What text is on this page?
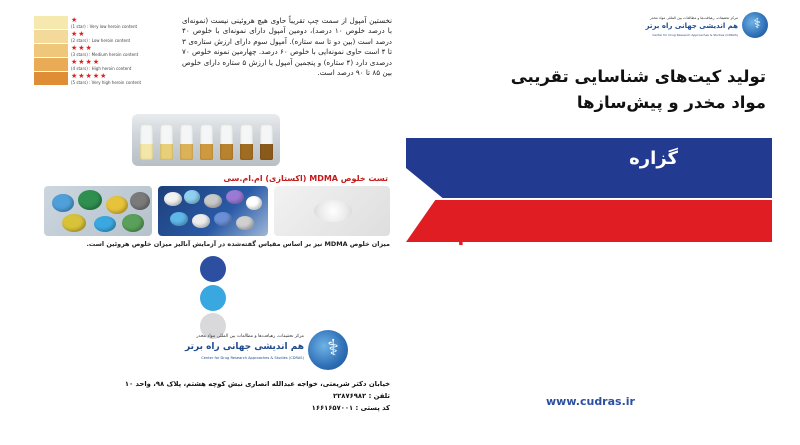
★
(1 star) : Very low heroin content
★★
(2 stars) : Low heroin content
★★★
(3 stars) : Medium heroin content
★★★★
(4 stars) : High heroin content
★★★★★
(5 stars) : Very high heroin content

نخستین آمپول از سمت چپ تقریباً حاوی هیچ هروئینی نیست (نمونه‌ای با درصد خلوص ۱۰ درصد)، دومین آمپول دارای نمونه‌ای با خلوص ۴۰ درصد است (بین دو تا سه ستاره). آمپول سوم دارای ارزش ستاره‌ی ۳ تا ۴ است حاوی نمونه‌ایی با خلوص ۶۰ درصد. چهارمین نمونه خلوص ۷۰ درصدی دارد (۴ ستاره) و پنجمین آمپول با ارزش ۵ ستاره دارای خلوص بین ۸۵ تا ۹۰ درصد است.

تست خلوص MDMA (اکستازی) ام.ام.سی

میزان خلوص MDMA نیز بر اساس مقیاس گفته‌شده در آزمایش آنالیز میزان خلوص هروئین است.

⚕
مرکز تحقیقات، رهیافت‌ها و مطالعات بین المللی مواد مخدر
هم اندیشی جهانی راه برتر
Center for Drug Research Approaches & Studies (CDRAS)
خیابان دکتر شریعتی، خواجه عبدالله انصاری نبش کوچه هشتم، پلاک ۹۸، واحد ۱۰
تلفن : ۲۲۸۷۶۹۸۲
کد پستی : ۱۶۶۱۶۵۷۰۰۱
⚕
مرکز تحقیقات، رهیافت‌ها و مطالعات بین المللی مواد مخدر
هم اندیشی جهانی راه برتر
Center for Drug Research Approaches & Studies (CDRAS)
تولید کیت‌های شناسایی تقریبی
مواد مخدر و پیش‌سازها
گزاره
۱
www.cudras.ir
